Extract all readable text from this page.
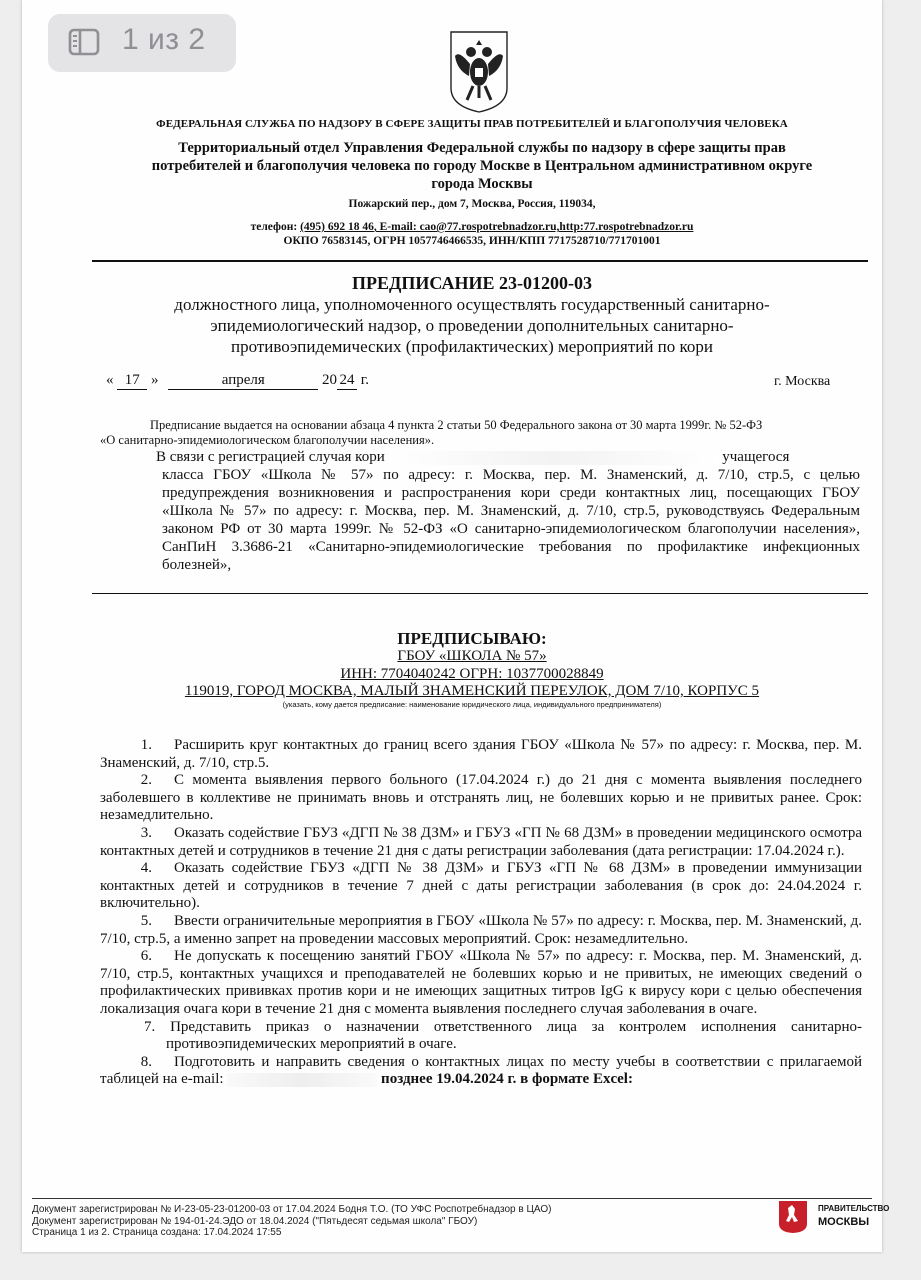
1 из 2
ФЕДЕРАЛЬНАЯ СЛУЖБА ПО НАДЗОРУ В СФЕРЕ ЗАЩИТЫ ПРАВ ПОТРЕБИТЕЛЕЙ И БЛАГОПОЛУЧИЯ ЧЕЛОВЕКА
Территориальный отдел Управления Федеральной службы по надзору в сфере защиты прав
потребителей и благополучия человека по городу Москве в Центральном административном округе
города Москвы
Пожарский пер., дом 7, Москва, Россия, 119034,
телефон: (495) 692 18 46, E-mail: cao@77.rospotrebnadzor.ru,http:77.rospotrebnadzor.ru
ОКПО 76583145, ОГРН 1057746466535, ИНН/КПП 7717528710/771701001
ПРЕДПИСАНИЕ 23-01200-03
должностного лица, уполномоченного осуществлять государственный санитарно-
эпидемиологический надзор, о проведении дополнительных санитарно-
противоэпидемических (профилактических) мероприятий по кори
« 17 »	апреля	20 24 г.	г. Москва
Предписание выдается на основании абзаца 4 пункта 2 статьи 50 Федерального закона от 30 марта 1999г. № 52-ФЗ
«О санитарно-эпидемиологическом благополучии населения».
В связи с регистрацией случая кори	учащегося
класса ГБОУ «Школа № 57» по адресу: г. Москва, пер. М. Знаменский, д. 7/10, стр.5, с целью предупреждения возникновения и распространения кори среди контактных лиц, посещающих ГБОУ «Школа № 57» по адресу: г. Москва, пер. М. Знаменский, д. 7/10, стр.5, руководствуясь Федеральным законом РФ от 30 марта 1999г. № 52-ФЗ «О санитарно-эпидемиологическом благополучии населения», СанПиН 3.3686-21 «Санитарно-эпидемиологические требования по профилактике инфекционных болезней»,
ПРЕДПИСЫВАЮ:
ГБОУ «ШКОЛА № 57»
ИНН: 7704040242 ОГРН: 1037700028849
119019, ГОРОД МОСКВА, МАЛЫЙ ЗНАМЕНСКИЙ ПЕРЕУЛОК, ДОМ 7/10, КОРПУС 5
(указать, кому дается предписание: наименование юридического лица, индивидуального предпринимателя)

1. Расширить круг контактных до границ всего здания ГБОУ «Школа № 57» по адресу: г. Москва, пер. М. Знаменский, д. 7/10, стр.5.

2. С момента выявления первого больного (17.04.2024 г.) до 21 дня с момента выявления последнего заболевшего в коллективе не принимать вновь и отстранять лиц, не болевших корью и не привитых ранее. Срок: незамедлительно.

3. Оказать содействие ГБУЗ «ДГП № 38 ДЗМ» и ГБУЗ «ГП № 68 ДЗМ» в проведении медицинского осмотра контактных детей и сотрудников в течение 21 дня с даты регистрации заболевания (дата регистрации: 17.04.2024 г.).

4. Оказать содействие ГБУЗ «ДГП № 38 ДЗМ» и ГБУЗ «ГП № 68 ДЗМ» в проведении иммунизации контактных детей и сотрудников в течение 7 дней с даты регистрации заболевания (в срок до: 24.04.2024 г. включительно).

5. Ввести ограничительные мероприятия в ГБОУ «Школа № 57» по адресу: г. Москва, пер. М. Знаменский, д. 7/10, стр.5, а именно запрет на проведении массовых мероприятий. Срок: незамедлительно.

6. Не допускать к посещению занятий ГБОУ «Школа № 57» по адресу: г. Москва, пер. М. Знаменский, д. 7/10, стр.5, контактных учащихся и преподавателей не болевших корью и не привитых, не имеющих сведений о профилактических прививках против кори и не имеющих защитных титров IgG к вирусу кори с целью обеспечения локализация очага кори в течение 21 дня с момента выявления последнего случая заболевания в очаге.

7. Представить приказ о назначении ответственного лица за контролем исполнения санитарно-противоэпидемических мероприятий в очаге.

8. Подготовить и направить сведения о контактных лицах по месту учебы в соответствии с прилагаемой таблицей на e-mail:	позднее 19.04.2024 г. в формате Excel:

Документ зарегистрирован № И-23-05-23-01200-03 от 17.04.2024 Бодня Т.О. (ТО УФС Роспотребнадзор в ЦАО)
Документ зарегистрирован № 194-01-24.ЭДО от 18.04.2024 ("Пятьдесят седьмая школа" ГБОУ)
Страница 1 из 2. Страница создана: 17.04.2024 17:55
ПРАВИТЕЛЬСТВО
МОСКВЫ
